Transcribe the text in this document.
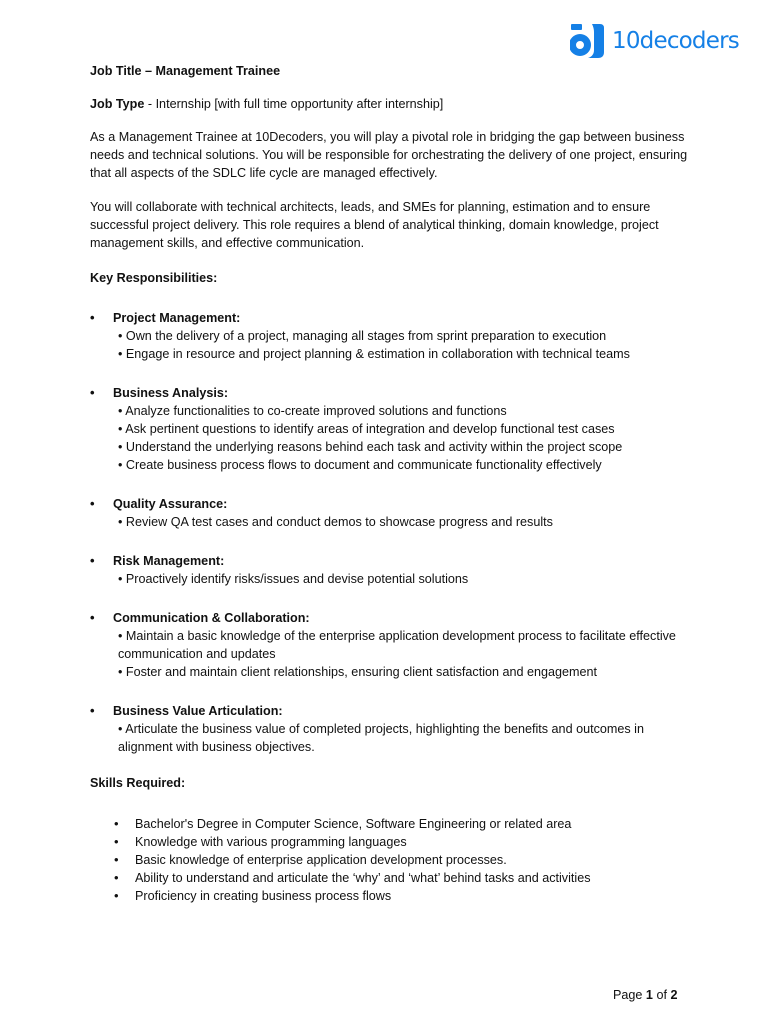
10decoders

Job Title – Management Trainee

Job Type - Internship [with full time opportunity after internship]

As a Management Trainee at 10Decoders, you will play a pivotal role in bridging the gap between business needs and technical solutions. You will be responsible for orchestrating the delivery of one project, ensuring that all aspects of the SDLC life cycle are managed effectively.

You will collaborate with technical architects, leads, and SMEs for planning, estimation and to ensure successful project delivery. This role requires a blend of analytical thinking, domain knowledge, project management skills, and effective communication.

Key Responsibilities:

• Project Management:
• Own the delivery of a project, managing all stages from sprint preparation to execution
• Engage in resource and project planning & estimation in collaboration with technical teams
• Business Analysis:
• Analyze functionalities to co-create improved solutions and functions
• Ask pertinent questions to identify areas of integration and develop functional test cases
• Understand the underlying reasons behind each task and activity within the project scope
• Create business process flows to document and communicate functionality effectively
• Quality Assurance:
• Review QA test cases and conduct demos to showcase progress and results
• Risk Management:
• Proactively identify risks/issues and devise potential solutions
• Communication & Collaboration:
• Maintain a basic knowledge of the enterprise application development process to facilitate effective communication and updates
• Foster and maintain client relationships, ensuring client satisfaction and engagement
• Business Value Articulation:
• Articulate the business value of completed projects, highlighting the benefits and outcomes in alignment with business objectives.

Skills Required:

• Bachelor's Degree in Computer Science, Software Engineering or related area
• Knowledge with various programming languages
• Basic knowledge of enterprise application development processes.
• Ability to understand and articulate the ‘why’ and ‘what’ behind tasks and activities
• Proficiency in creating business process flows
Page 1 of 2
